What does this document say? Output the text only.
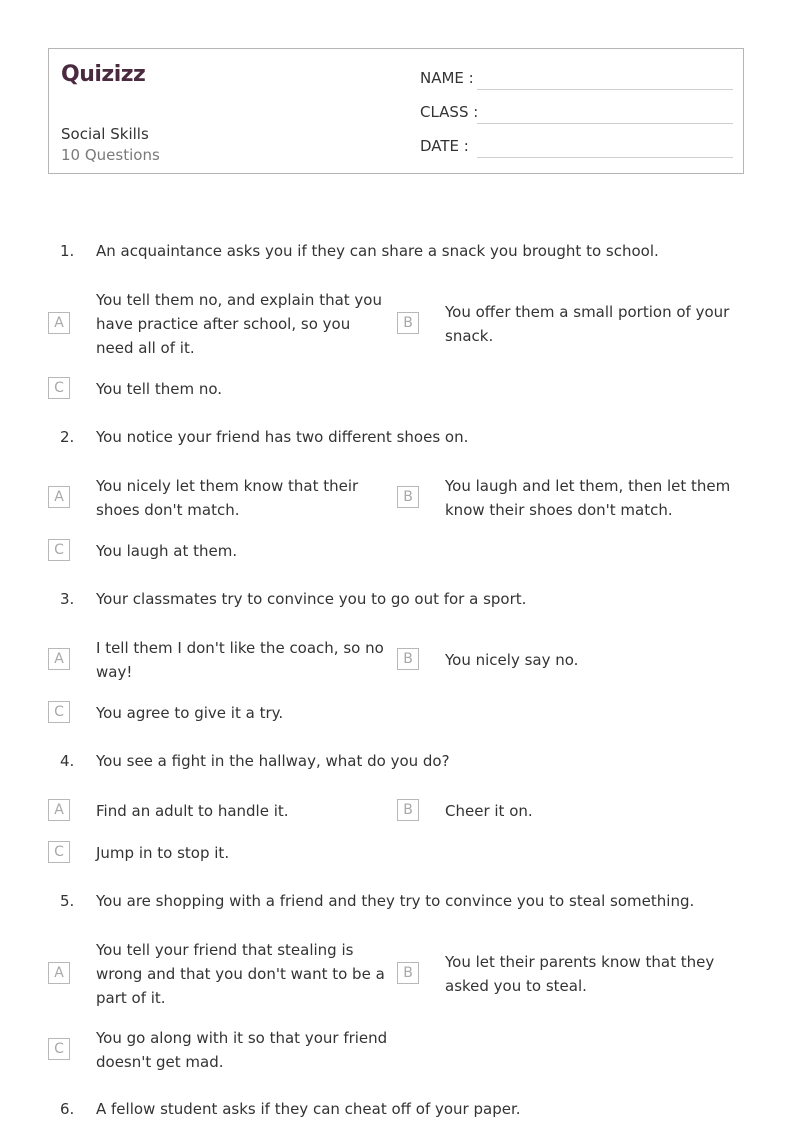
Quizizz
Social Skills
10 Questions
NAME :
CLASS :
DATE :
1. An acquaintance asks you if they can share a snack you brought to school.
A
You tell them no, and explain that you have practice after school, so you need all of it.
B
You offer them a small portion of your snack.
C	You tell them no.
2. You notice your friend has two different shoes on.
A
You nicely let them know that their shoes don't match.
B
You laugh and let them, then let them know their shoes don't match.
C	You laugh at them.
3. Your classmates try to convince you to go out for a sport.
A
I tell them I don't like the coach, so no way!
B	You nicely say no.
C	You agree to give it a try.
4. You see a fight in the hallway, what do you do?
A	Find an adult to handle it.	B	Cheer it on.
C	Jump in to stop it.
5. You are shopping with a friend and they try to convince you to steal something.
A
You tell your friend that stealing is wrong and that you don't want to be a part of it.
B
You let their parents know that they asked you to steal.
C
You go along with it so that your friend doesn't get mad.
6. A fellow student asks if they can cheat off of your paper.
